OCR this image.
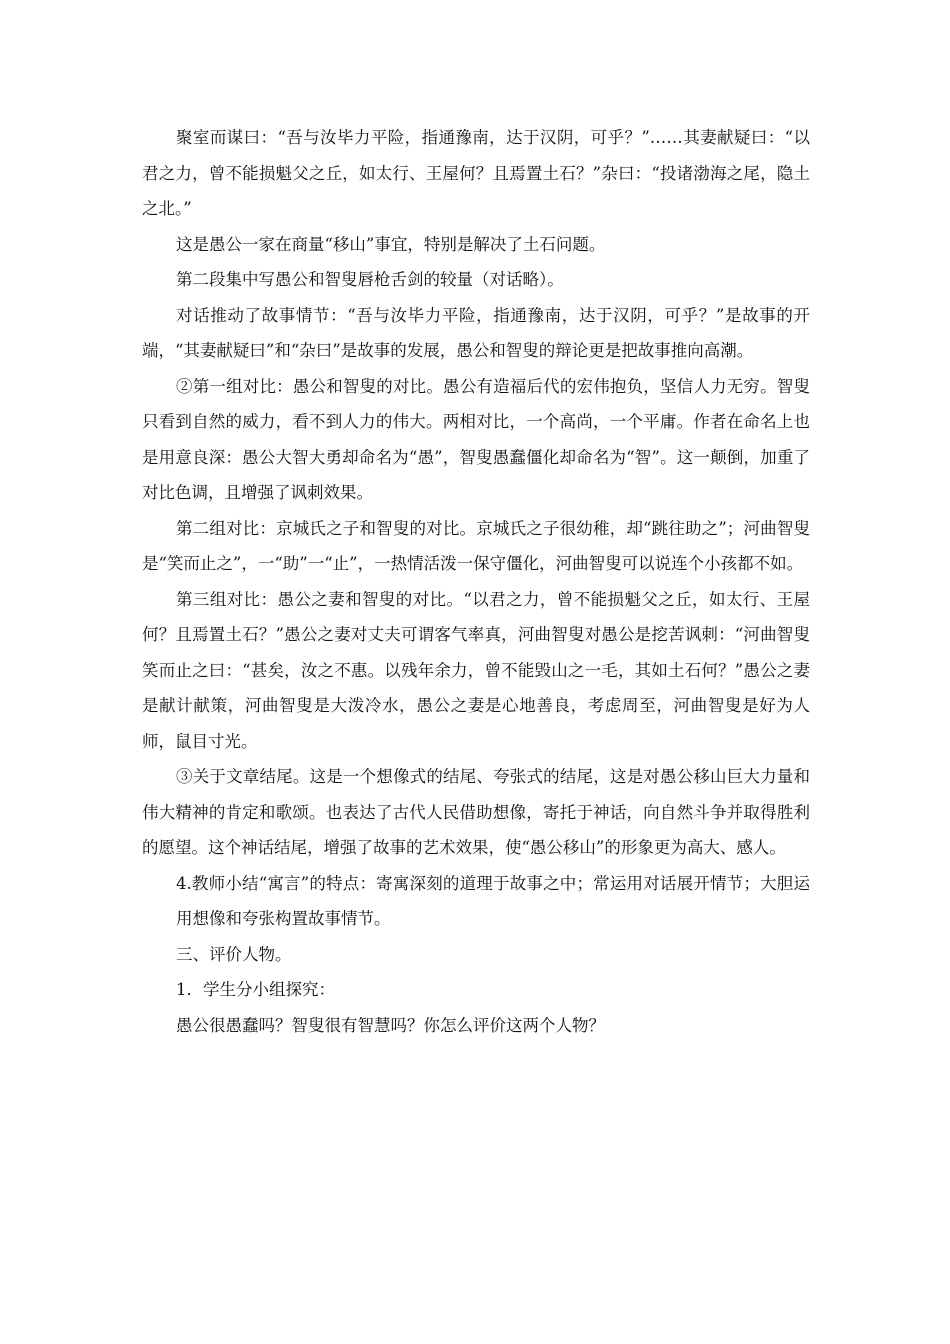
聚室而谋曰：“吾与汝毕力平险，指通豫南，达于汉阴，可乎？”……其妻献疑曰：“以君之力，曾不能损魁父之丘，如太行、王屋何？且焉置土石？”杂曰：“投诸渤海之尾，隐土之北。”

这是愚公一家在商量“移山”事宜，特别是解决了土石问题。

第二段集中写愚公和智叟唇枪舌剑的较量（对话略）。

对话推动了故事情节：“吾与汝毕力平险，指通豫南，达于汉阴，可乎？”是故事的开端，“其妻献疑曰”和“杂曰”是故事的发展，愚公和智叟的辩论更是把故事推向高潮。

②第一组对比：愚公和智叟的对比。愚公有造福后代的宏伟抱负，坚信人力无穷。智叟只看到自然的威力，看不到人力的伟大。两相对比，一个高尚，一个平庸。作者在命名上也是用意良深：愚公大智大勇却命名为“愚”，智叟愚蠢僵化却命名为“智”。这一颠倒，加重了对比色调，且增强了讽刺效果。

第二组对比：京城氏之子和智叟的对比。京城氏之子很幼稚，却“跳往助之”；河曲智叟是“笑而止之”，一“助”一“止”，一热情活泼一保守僵化，河曲智叟可以说连个小孩都不如。

第三组对比：愚公之妻和智叟的对比。“以君之力，曾不能损魁父之丘，如太行、王屋何？且焉置土石？”愚公之妻对丈夫可谓客气率真，河曲智叟对愚公是挖苦讽刺：“河曲智叟笑而止之曰：“甚矣，汝之不惠。以残年余力，曾不能毁山之一毛，其如土石何？”愚公之妻是献计献策，河曲智叟是大泼冷水，愚公之妻是心地善良，考虑周至，河曲智叟是好为人师，鼠目寸光。

③关于文章结尾。这是一个想像式的结尾、夸张式的结尾，这是对愚公移山巨大力量和伟大精神的肯定和歌颂。也表达了古代人民借助想像，寄托于神话，向自然斗争并取得胜利的愿望。这个神话结尾，增强了故事的艺术效果，使“愚公移山”的形象更为高大、感人。

4.教师小结“寓言”的特点：寄寓深刻的道理于故事之中；常运用对话展开情节；大胆运用想像和夸张构置故事情节。

三、评价人物。

1．学生分小组探究：

愚公很愚蠢吗？智叟很有智慧吗？你怎么评价这两个人物？
